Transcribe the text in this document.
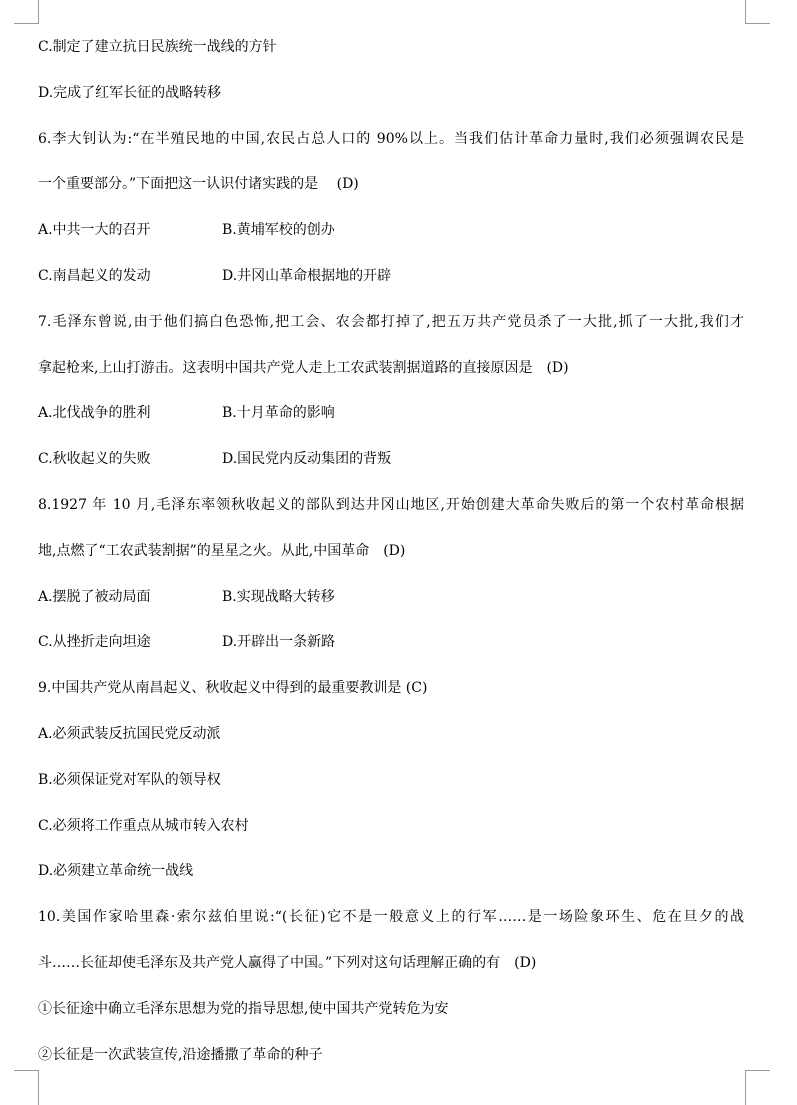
C.制定了建立抗日民族统一战线的方针
D.完成了红军长征的战略转移
6.李大钊认为:“在半殖民地的中国,农民占总人口的 90%以上。当我们估计革命力量时,我们必须强调农民是
一个重要部分。”下面把这一认识付诸实践的是　 (D)
A.中共一大的召开	B.黄埔军校的创办
C.南昌起义的发动	D.井冈山革命根据地的开辟
7.毛泽东曾说,由于他们搞白色恐怖,把工会、农会都打掉了,把五万共产党员杀了一大批,抓了一大批,我们才
拿起枪来,上山打游击。这表明中国共产党人走上工农武装割据道路的直接原因是　(D)
A.北伐战争的胜利	B.十月革命的影响
C.秋收起义的失败	D.国民党内反动集团的背叛
8.1927 年 10 月,毛泽东率领秋收起义的部队到达井冈山地区,开始创建大革命失败后的第一个农村革命根据
地,点燃了“工农武装割据”的星星之火。从此,中国革命　(D)
A.摆脱了被动局面	B.实现战略大转移
C.从挫折走向坦途	D.开辟出一条新路
9.中国共产党从南昌起义、秋收起义中得到的最重要教训是 (C)
A.必须武装反抗国民党反动派
B.必须保证党对军队的领导权
C.必须将工作重点从城市转入农村
D.必须建立革命统一战线
10.美国作家哈里森·索尔兹伯里说:“(长征)它不是一般意义上的行军……是一场险象环生、危在旦夕的战
斗……长征却使毛泽东及共产党人赢得了中国。”下列对这句话理解正确的有　(D)
①长征途中确立毛泽东思想为党的指导思想,使中国共产党转危为安
②长征是一次武装宣传,沿途播撒了革命的种子
